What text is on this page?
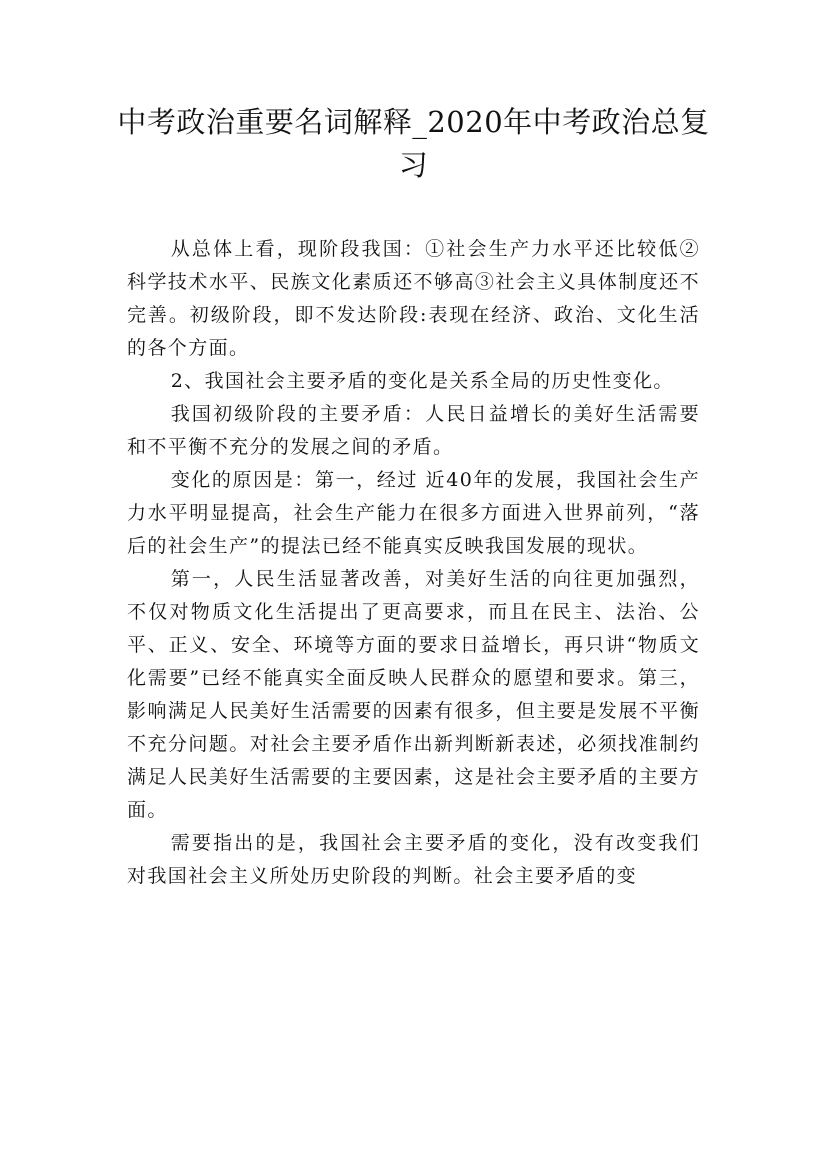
中考政治重要名词解释_2020年中考政治总复习

从总体上看，现阶段我国：①社会生产力水平还比较低②科学技术水平、民族文化素质还不够高③社会主义具体制度还不完善。初级阶段，即不发达阶段:表现在经济、政治、文化生活的各个方面。

2、我国社会主要矛盾的变化是关系全局的历史性变化。

我国初级阶段的主要矛盾：人民日益增长的美好生活需要和不平衡不充分的发展之间的矛盾。

变化的原因是：第一，经过 近40年的发展，我国社会生产力水平明显提高，社会生产能力在很多方面进入世界前列，“落后的社会生产”的提法已经不能真实反映我国发展的现状。

第一，人民生活显著改善，对美好生活的向往更加强烈，不仅对物质文化生活提出了更高要求，而且在民主、法治、公平、正义、安全、环境等方面的要求日益增长，再只讲“物质文化需要”已经不能真实全面反映人民群众的愿望和要求。第三，影响满足人民美好生活需要的因素有很多，但主要是发展不平衡不充分问题。对社会主要矛盾作出新判断新表述，必须找准制约满足人民美好生活需要的主要因素，这是社会主要矛盾的主要方面。

需要指出的是，我国社会主要矛盾的变化，没有改变我们对我国社会主义所处历史阶段的判断。社会主要矛盾的变
